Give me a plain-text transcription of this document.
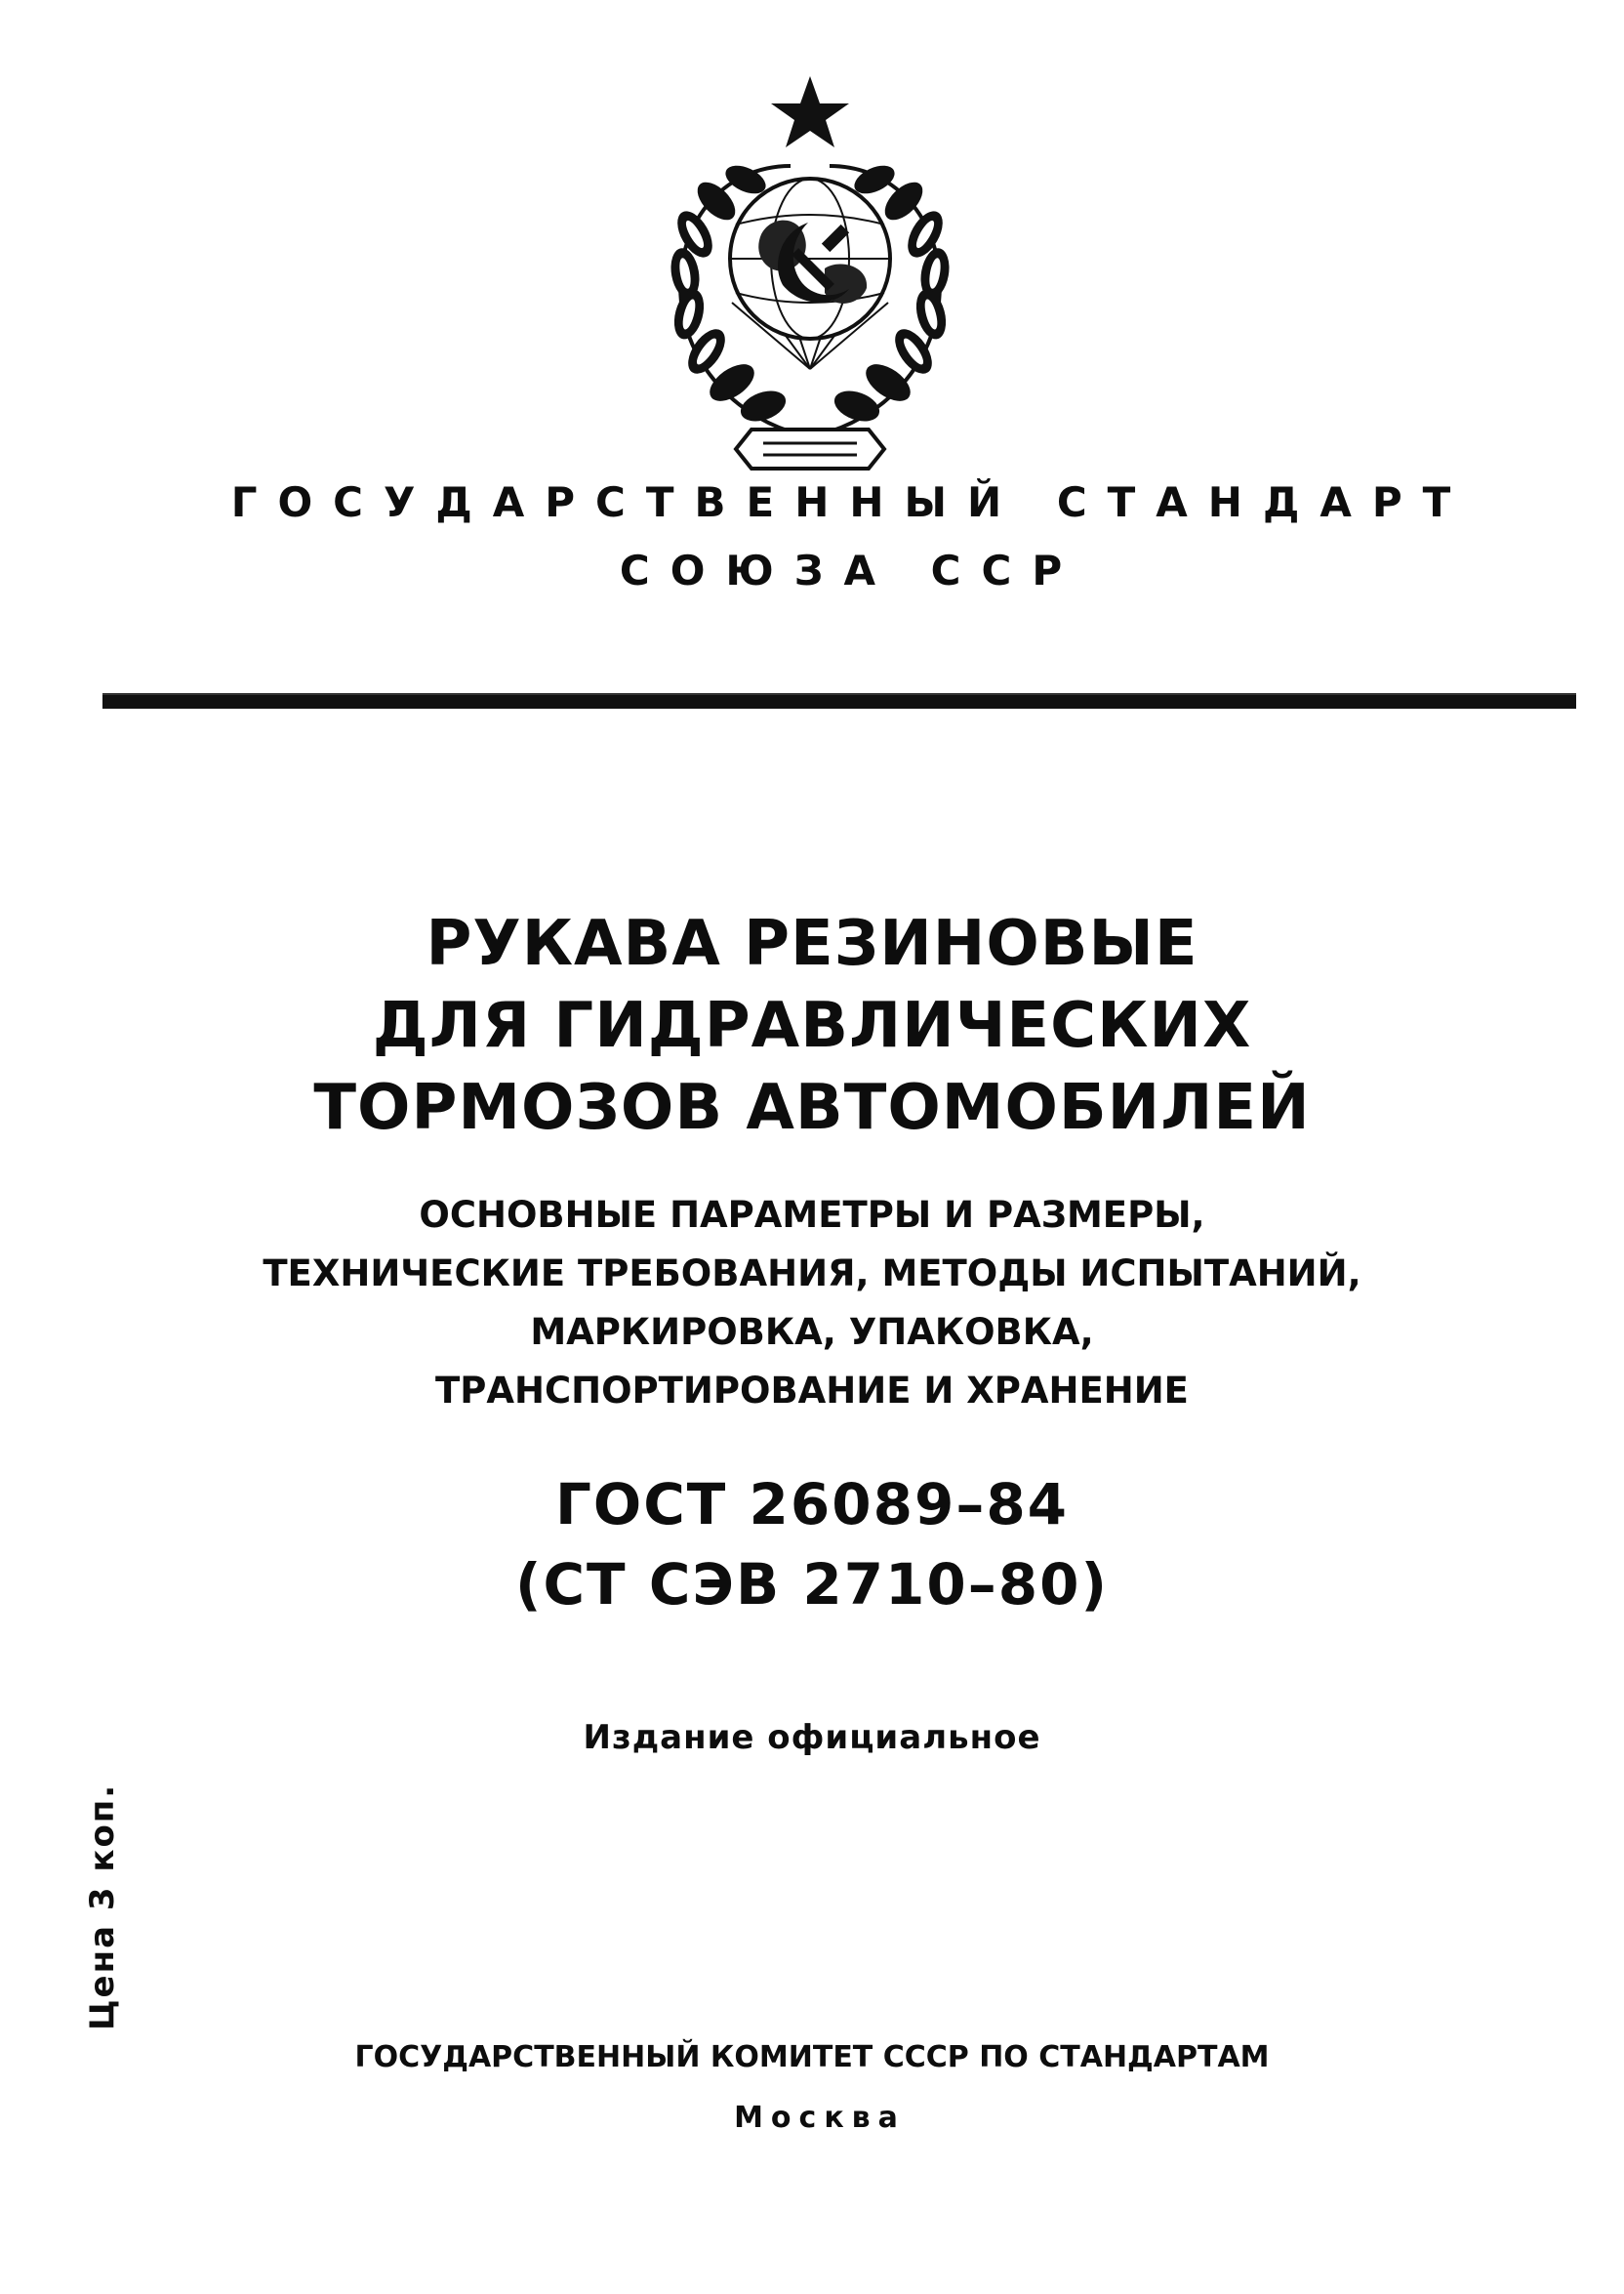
ГОСУДАРСТВЕННЫЙ СТАНДАРТ
СОЮЗА ССР
РУКАВА РЕЗИНОВЫЕ
ДЛЯ ГИДРАВЛИЧЕСКИХ
ТОРМОЗОВ АВТОМОБИЛЕЙ
ОСНОВНЫЕ ПАРАМЕТРЫ И РАЗМЕРЫ,
ТЕХНИЧЕСКИЕ ТРЕБОВАНИЯ, МЕТОДЫ ИСПЫТАНИЙ,
МАРКИРОВКА, УПАКОВКА,
ТРАНСПОРТИРОВАНИЕ И ХРАНЕНИЕ
ГОСТ 26089–84
(СТ СЭВ 2710–80)
Издание официальное
Цена 3 коп.
ГОСУДАРСТВЕННЫЙ КОМИТЕТ СССР ПО СТАНДАРТАМ
Москва
